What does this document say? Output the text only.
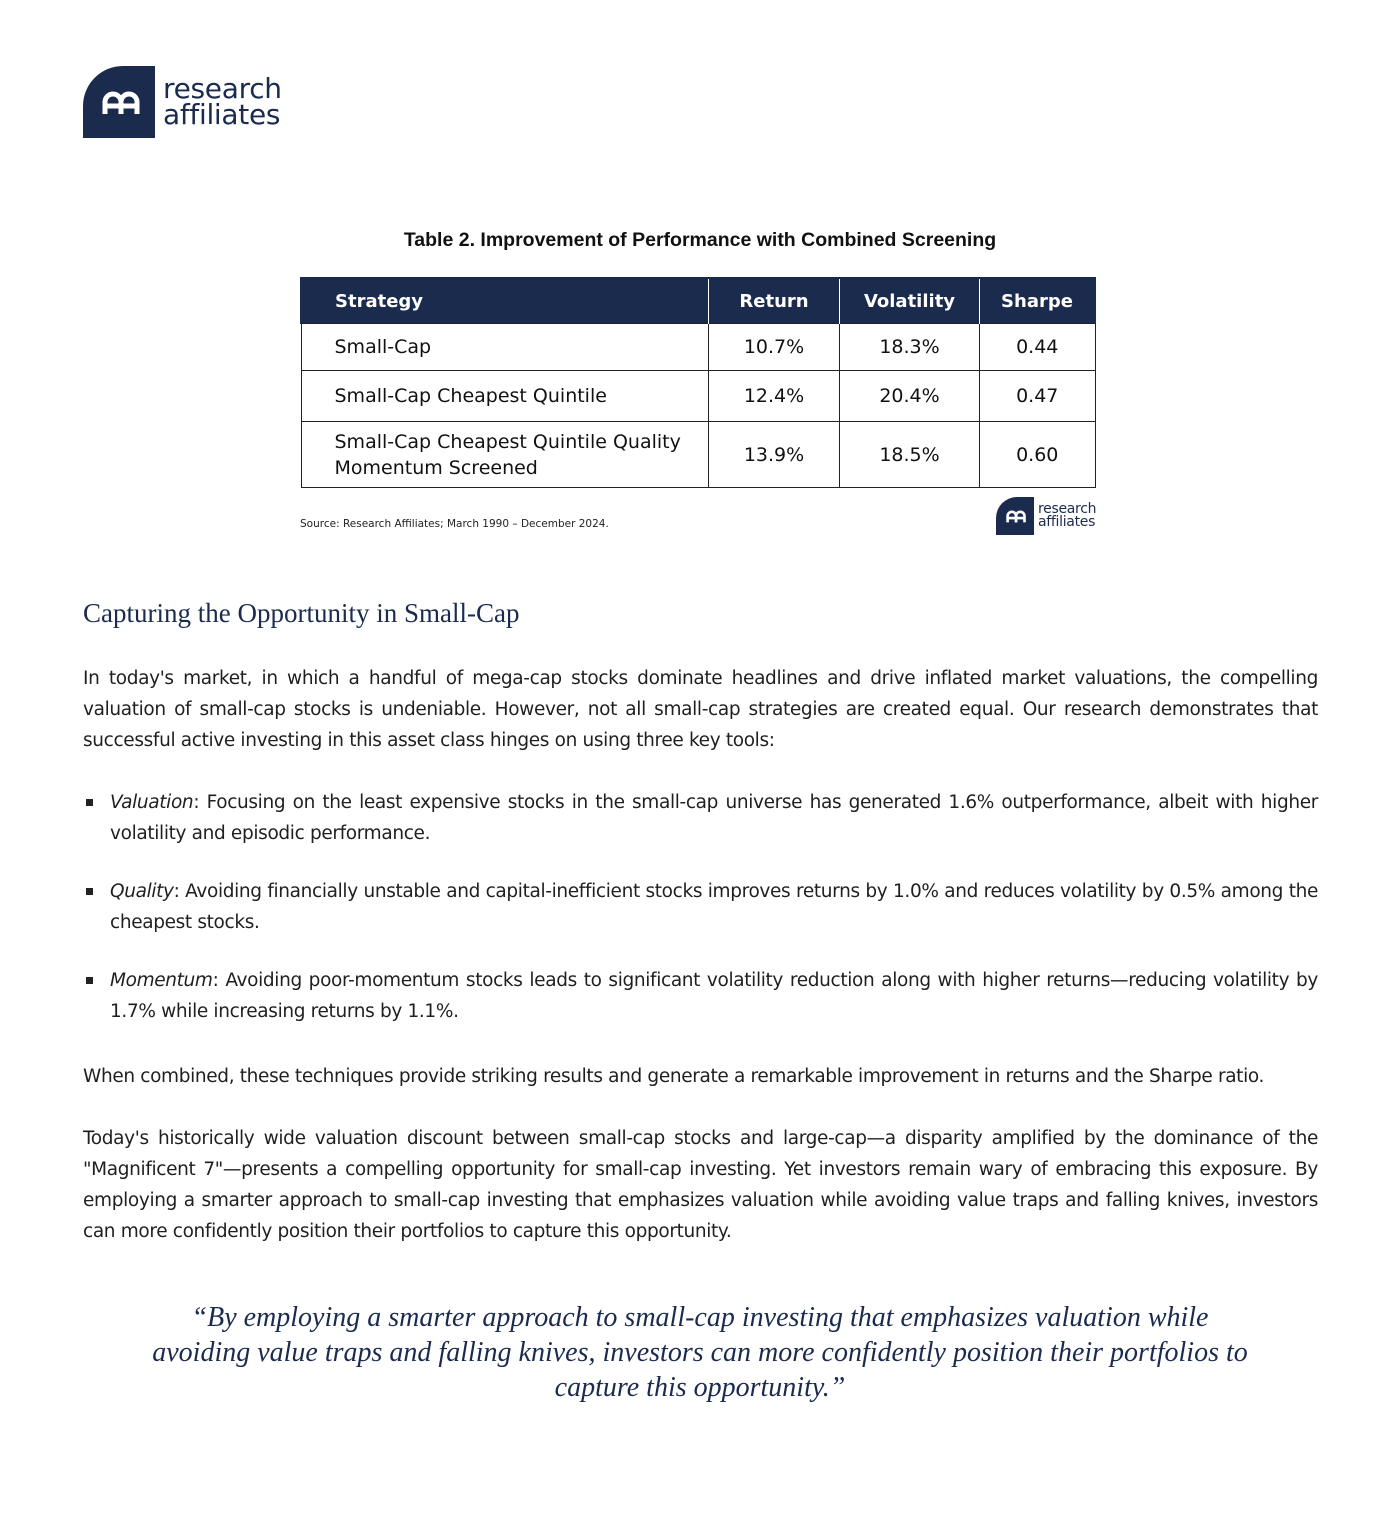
research
affiliates
Table 2. Improvement of Performance with Combined Screening
Strategy	Return	Volatility	Sharpe
Small-Cap	10.7%	18.3%	0.44
Small-Cap Cheapest Quintile	12.4%	20.4%	0.47
Small-Cap Cheapest Quintile Quality
Momentum Screened	13.9%	18.5%	0.60
Source: Research Affiliates; March 1990 – December 2024.
research
affiliates
Capturing the Opportunity in Small-Cap

In today's market, in which a handful of mega-cap stocks dominate headlines and drive inflated market valuations, the compelling valuation of small-cap stocks is undeniable. However, not all small-cap strategies are created equal. Our research demonstrates that successful active investing in this asset class hinges on using three key tools:

Valuation: Focusing on the least expensive stocks in the small-cap universe has generated 1.6% outperformance, albeit with higher volatility and episodic performance.
Quality: Avoiding financially unstable and capital-inefficient stocks improves returns by 1.0% and reduces volatility by 0.5% among the cheapest stocks.
Momentum: Avoiding poor-momentum stocks leads to significant volatility reduction along with higher returns—reducing volatility by 1.7% while increasing returns by 1.1%.

When combined, these techniques provide striking results and generate a remarkable improvement in returns and the Sharpe ratio.

Today's historically wide valuation discount between small-cap stocks and large-cap—a disparity amplified by the dominance of the "Magnificent 7"—presents a compelling opportunity for small-cap investing. Yet investors remain wary of embracing this exposure. By employing a smarter approach to small-cap investing that emphasizes valuation while avoiding value traps and falling knives, investors can more confidently position their portfolios to capture this opportunity.

“By employing a smarter approach to small-cap investing that emphasizes valuation while avoiding value traps and falling knives, investors can more confidently position their portfolios to capture this opportunity.”
